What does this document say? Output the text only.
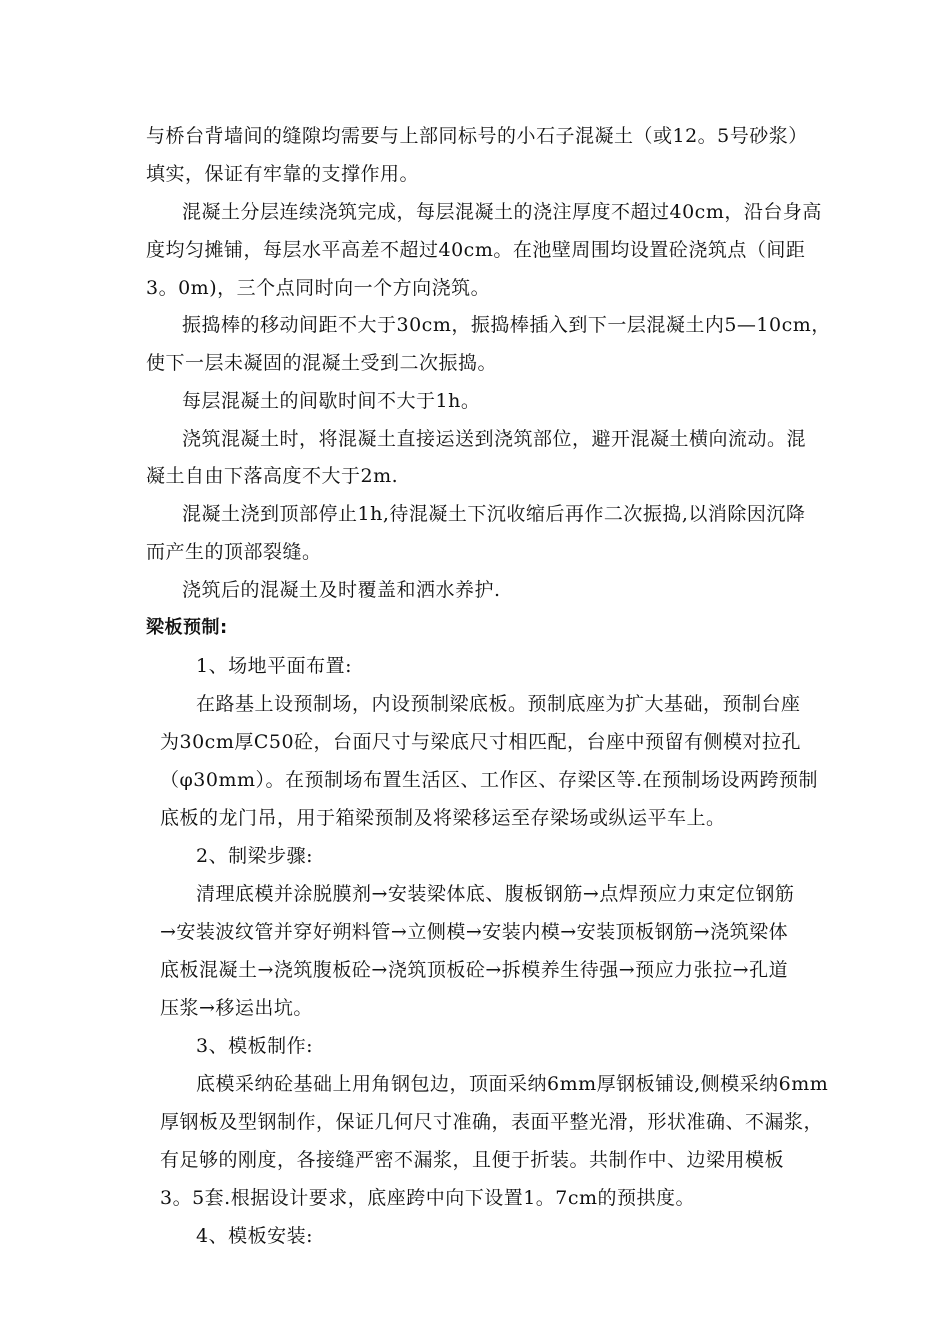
与桥台背墙间的缝隙均需要与上部同标号的小石子混凝土（或12。5号砂浆）
填实，保证有牢靠的支撑作用。
混凝土分层连续浇筑完成，每层混凝土的浇注厚度不超过40cm，沿台身高
度均匀摊铺，每层水平高差不超过40cm。在池壁周围均设置砼浇筑点（间距
3。0m)，三个点同时向一个方向浇筑。
振捣棒的移动间距不大于30cm，振捣棒插入到下一层混凝土内5—10cm，
使下一层未凝固的混凝土受到二次振捣。
每层混凝土的间歇时间不大于1h。
浇筑混凝土时，将混凝土直接运送到浇筑部位，避开混凝土横向流动。混
凝土自由下落高度不大于2m.
混凝土浇到顶部停止1h,待混凝土下沉收缩后再作二次振捣,以消除因沉降
而产生的顶部裂缝。
浇筑后的混凝土及时覆盖和洒水养护.
梁板预制:
1、场地平面布置:
在路基上设预制场，内设预制梁底板。预制底座为扩大基础，预制台座
为30cm厚C50砼，台面尺寸与梁底尺寸相匹配，台座中预留有侧模对拉孔
（φ30mm）。在预制场布置生活区、工作区、存梁区等.在预制场设两跨预制
底板的龙门吊，用于箱梁预制及将梁移运至存梁场或纵运平车上。
2、制梁步骤:
清理底模并涂脱膜剂→安装梁体底、腹板钢筋→点焊预应力束定位钢筋
→安装波纹管并穿好朔料管→立侧模→安装内模→安装顶板钢筋→浇筑梁体
底板混凝土→浇筑腹板砼→浇筑顶板砼→拆模养生待强→预应力张拉→孔道
压浆→移运出坑。
3、模板制作:
底模采纳砼基础上用角钢包边，顶面采纳6mm厚钢板铺设,侧模采纳6mm
厚钢板及型钢制作，保证几何尺寸准确，表面平整光滑，形状准确、不漏浆，
有足够的刚度，各接缝严密不漏浆，且便于折装。共制作中、边梁用模板
3。5套.根据设计要求，底座跨中向下设置1。7cm的预拱度。
4、模板安装:
